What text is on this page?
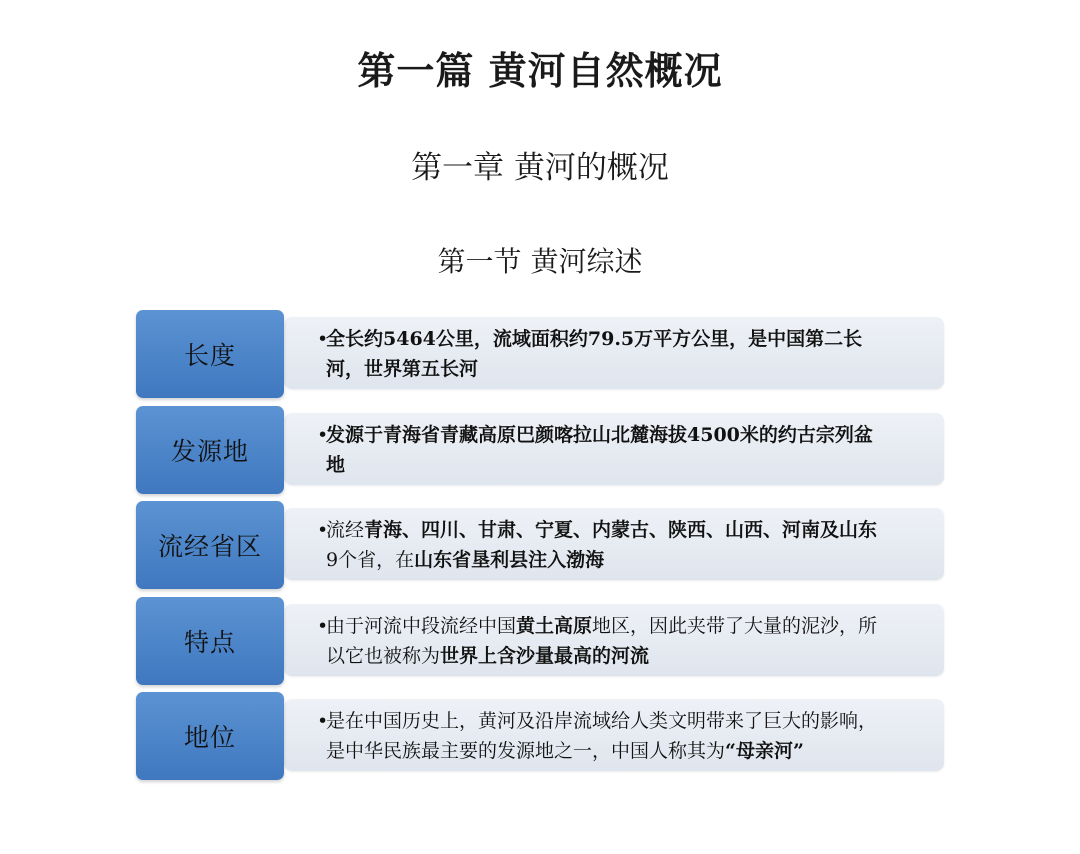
第一篇 黄河自然概况
第一章 黄河的概况
第一节 黄河综述
•
全长约5464公里，流域面积约79.5万平方公里，是中国第二长河，世界第五长河
长度
•
发源于青海省青藏高原巴颜喀拉山北麓海拔4500米的约古宗列盆地
发源地
•
流经青海、四川、甘肃、宁夏、内蒙古、陕西、山西、河南及山东9个省，在山东省垦利县注入渤海
流经省区
•
由于河流中段流经中国黄土高原地区，因此夹带了大量的泥沙，所以它也被称为世界上含沙量最高的河流
特点
•
是在中国历史上，黄河及沿岸流域给人类文明带来了巨大的影响，是中华民族最主要的发源地之一，中国人称其为“母亲河”
地位
